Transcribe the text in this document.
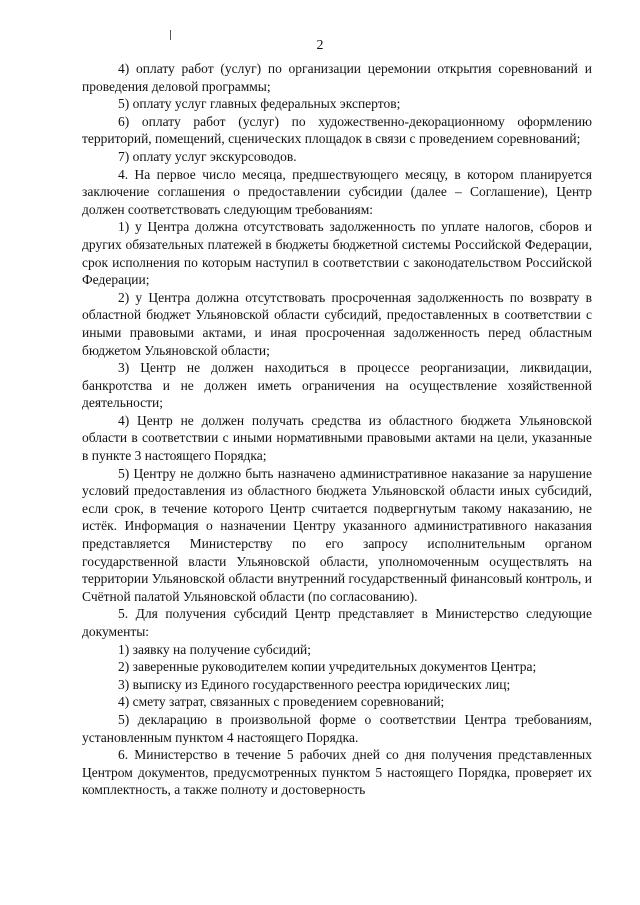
2

4) оплату работ (услуг) по организации церемонии открытия соревнований и проведения деловой программы;

5) оплату услуг главных федеральных экспертов;

6) оплату работ (услуг) по художественно-декорационному оформлению территорий, помещений, сценических площадок в связи с проведением соревнований;

7) оплату услуг экскурсоводов.

4. На первое число месяца, предшествующего месяцу, в котором планируется заключение соглашения о предоставлении субсидии (далее – Соглашение), Центр должен соответствовать следующим требованиям:

1) у Центра должна отсутствовать задолженность по уплате налогов, сборов и других обязательных платежей в бюджеты бюджетной системы Российской Федерации, срок исполнения по которым наступил в соответствии с законодательством Российской Федерации;

2) у Центра должна отсутствовать просроченная задолженность по возврату в областной бюджет Ульяновской области субсидий, предоставленных в соответствии с иными правовыми актами, и иная просроченная задолженность перед областным бюджетом Ульяновской области;

3) Центр не должен находиться в процессе реорганизации, ликвидации, банкротства и не должен иметь ограничения на осуществление хозяйственной деятельности;

4) Центр не должен получать средства из областного бюджета Ульяновской области в соответствии с иными нормативными правовыми актами на цели, указанные в пункте 3 настоящего Порядка;

5) Центру не должно быть назначено административное наказание за нарушение условий предоставления из областного бюджета Ульяновской области иных субсидий, если срок, в течение которого Центр считается подвергнутым такому наказанию, не истёк. Информация о назначении Центру указанного административного наказания представляется Министерству по его запросу исполнительным органом государственной власти Ульяновской области, уполномоченным осуществлять на территории Ульяновской области внутренний государственный финансовый контроль, и Счётной палатой Ульяновской области (по согласованию).

5. Для получения субсидий Центр представляет в Министерство следующие документы:

1) заявку на получение субсидий;

2) заверенные руководителем копии учредительных документов Центра;

3) выписку из Единого государственного реестра юридических лиц;

4) смету затрат, связанных с проведением соревнований;

5) декларацию в произвольной форме о соответствии Центра требованиям, установленным пунктом 4 настоящего Порядка.

6. Министерство в течение 5 рабочих дней со дня получения представленных Центром документов, предусмотренных пунктом 5 настоящего Порядка, проверяет их комплектность, а также полноту и достоверность
